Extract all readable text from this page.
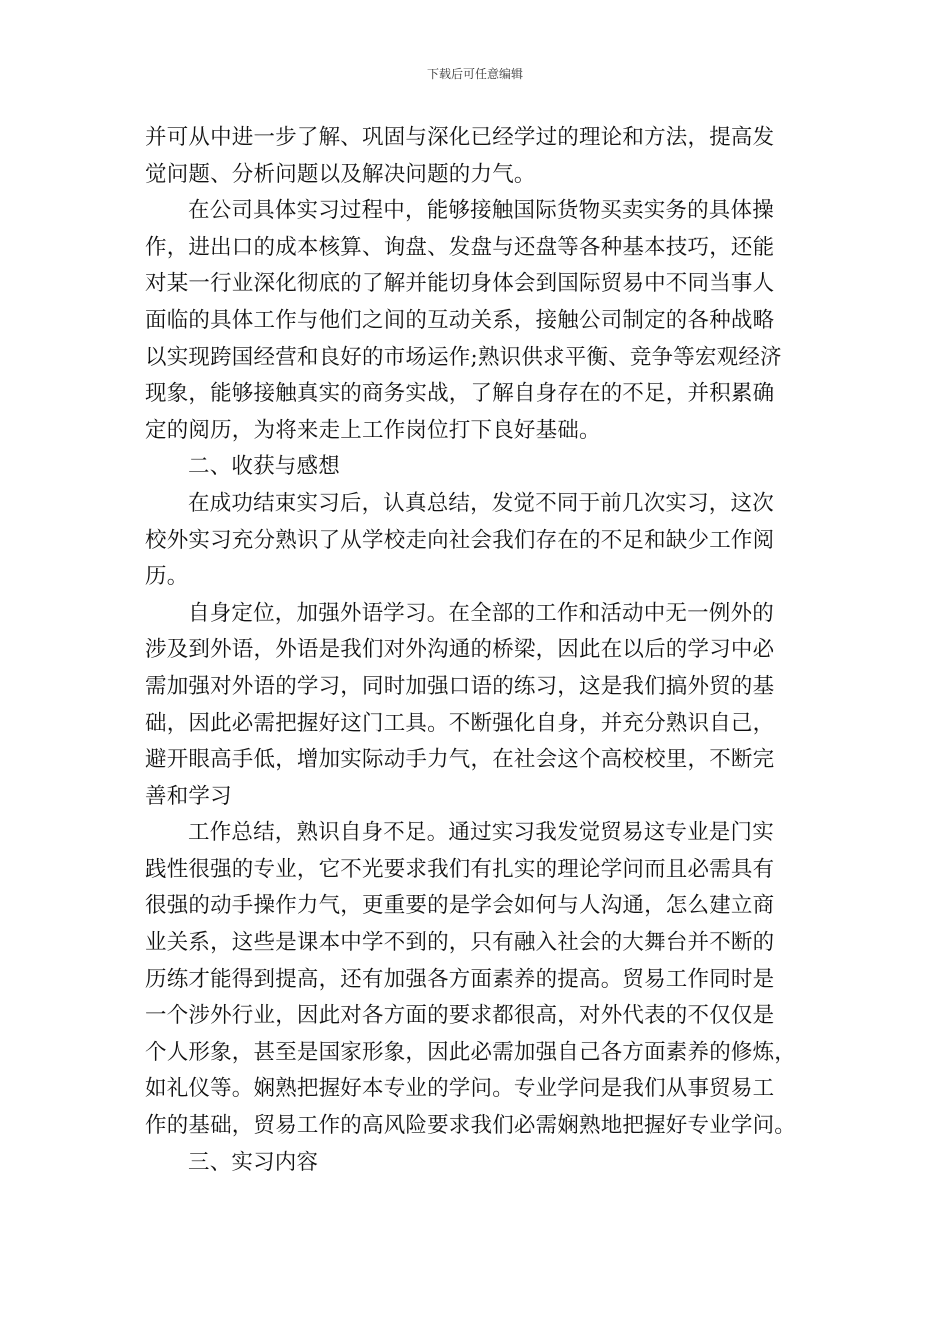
下载后可任意编辑
并可从中进一步了解、巩固与深化已经学过的理论和方法，提高发
觉问题、分析问题以及解决问题的力气。
在公司具体实习过程中，能够接触国际货物买卖实务的具体操
作，进出口的成本核算、询盘、发盘与还盘等各种基本技巧，还能
对某一行业深化彻底的了解并能切身体会到国际贸易中不同当事人
面临的具体工作与他们之间的互动关系，接触公司制定的各种战略
以实现跨国经营和良好的市场运作;熟识供求平衡、竞争等宏观经济
现象，能够接触真实的商务实战，了解自身存在的不足，并积累确
定的阅历，为将来走上工作岗位打下良好基础。
二、收获与感想
在成功结束实习后，认真总结，发觉不同于前几次实习，这次
校外实习充分熟识了从学校走向社会我们存在的不足和缺少工作阅
历。
自身定位，加强外语学习。在全部的工作和活动中无一例外的
涉及到外语，外语是我们对外沟通的桥梁，因此在以后的学习中必
需加强对外语的学习，同时加强口语的练习，这是我们搞外贸的基
础，因此必需把握好这门工具。不断强化自身，并充分熟识自己，
避开眼高手低，增加实际动手力气，在社会这个高校校里，不断完
善和学习
工作总结，熟识自身不足。通过实习我发觉贸易这专业是门实
践性很强的专业，它不光要求我们有扎实的理论学问而且必需具有
很强的动手操作力气，更重要的是学会如何与人沟通，怎么建立商
业关系，这些是课本中学不到的，只有融入社会的大舞台并不断的
历练才能得到提高，还有加强各方面素养的提高。贸易工作同时是
一个涉外行业，因此对各方面的要求都很高，对外代表的不仅仅是
个人形象，甚至是国家形象，因此必需加强自己各方面素养的修炼，
如礼仪等。娴熟把握好本专业的学问。专业学问是我们从事贸易工
作的基础，贸易工作的高风险要求我们必需娴熟地把握好专业学问。
三、实习内容
